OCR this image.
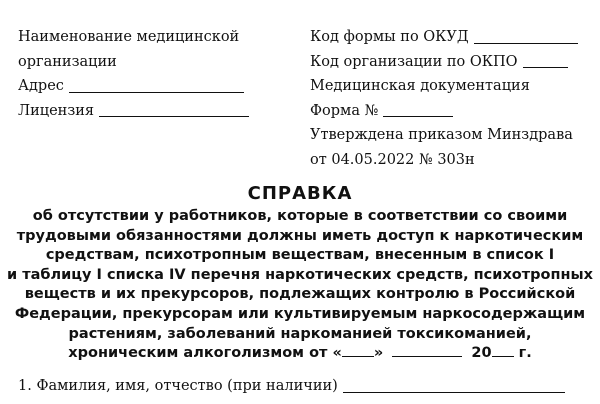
Наименование медицинской
организации
Адрес
Лицензия
Код формы по ОКУД
Код организации по ОКПО
Медицинская документация
Форма №
Утверждена приказом Минздрава
от 04.05.2022 № 303н
СПРАВКА
об отсутствии у работников, которые в соответствии со своими
трудовыми обязанностями должны иметь доступ к наркотическим
средствам, психотропным веществам, внесенным в список I
и таблицу I списка IV перечня наркотических средств, психотропных
веществ и их прекурсоров, подлежащих контролю в Российской
Федерации, прекурсорам или культивируемым наркосодержащим
растениям, заболеваний наркоманией токсикоманией,
хроническим алкоголизмом от « »	20 г.
1. Фамилия, имя, отчество (при наличии)
